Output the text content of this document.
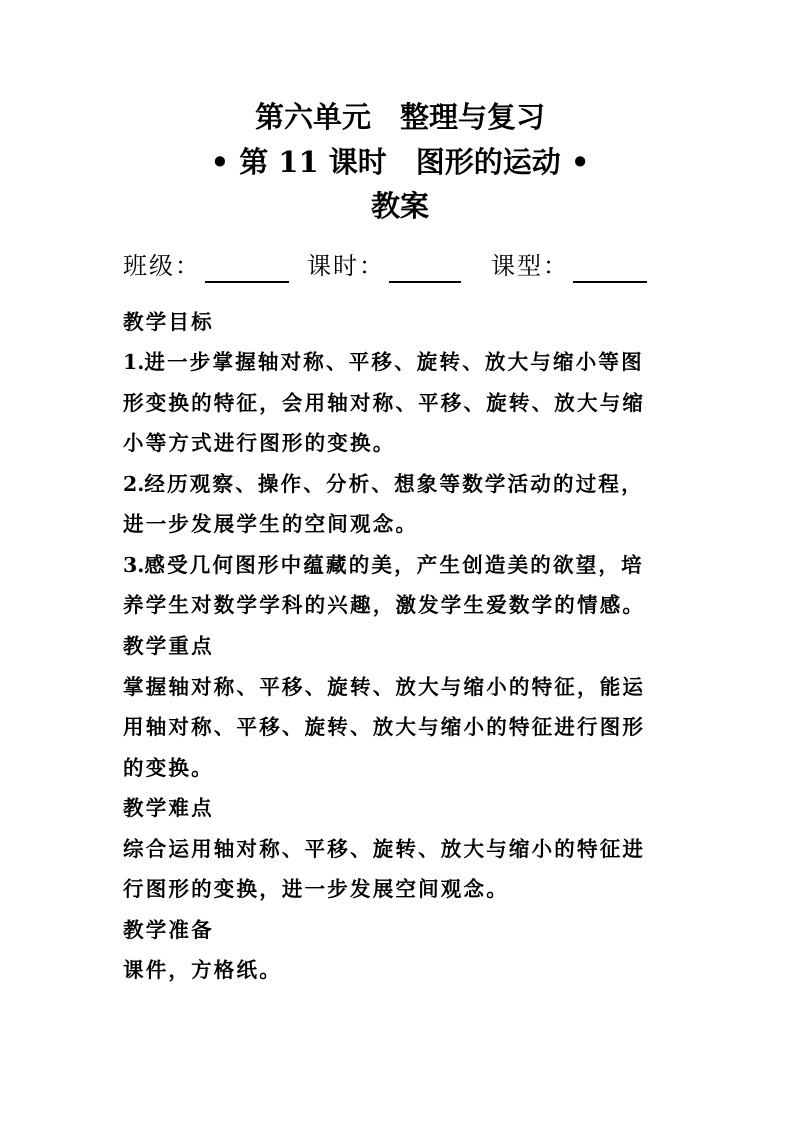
第六单元　整理与复习
• 第 11 课时　图形的运动 •
教案
班级：	课时：	课型：
教学目标
1.进一步掌握轴对称、平移、旋转、放大与缩小等图
形变换的特征，会用轴对称、平移、旋转、放大与缩
小等方式进行图形的变换。
2.经历观察、操作、分析、想象等数学活动的过程，
进一步发展学生的空间观念。
3.感受几何图形中蕴藏的美，产生创造美的欲望，培
养学生对数学学科的兴趣，激发学生爱数学的情感。
教学重点
掌握轴对称、平移、旋转、放大与缩小的特征，能运
用轴对称、平移、旋转、放大与缩小的特征进行图形
的变换。
教学难点
综合运用轴对称、平移、旋转、放大与缩小的特征进
行图形的变换，进一步发展空间观念。
教学准备
课件，方格纸。
